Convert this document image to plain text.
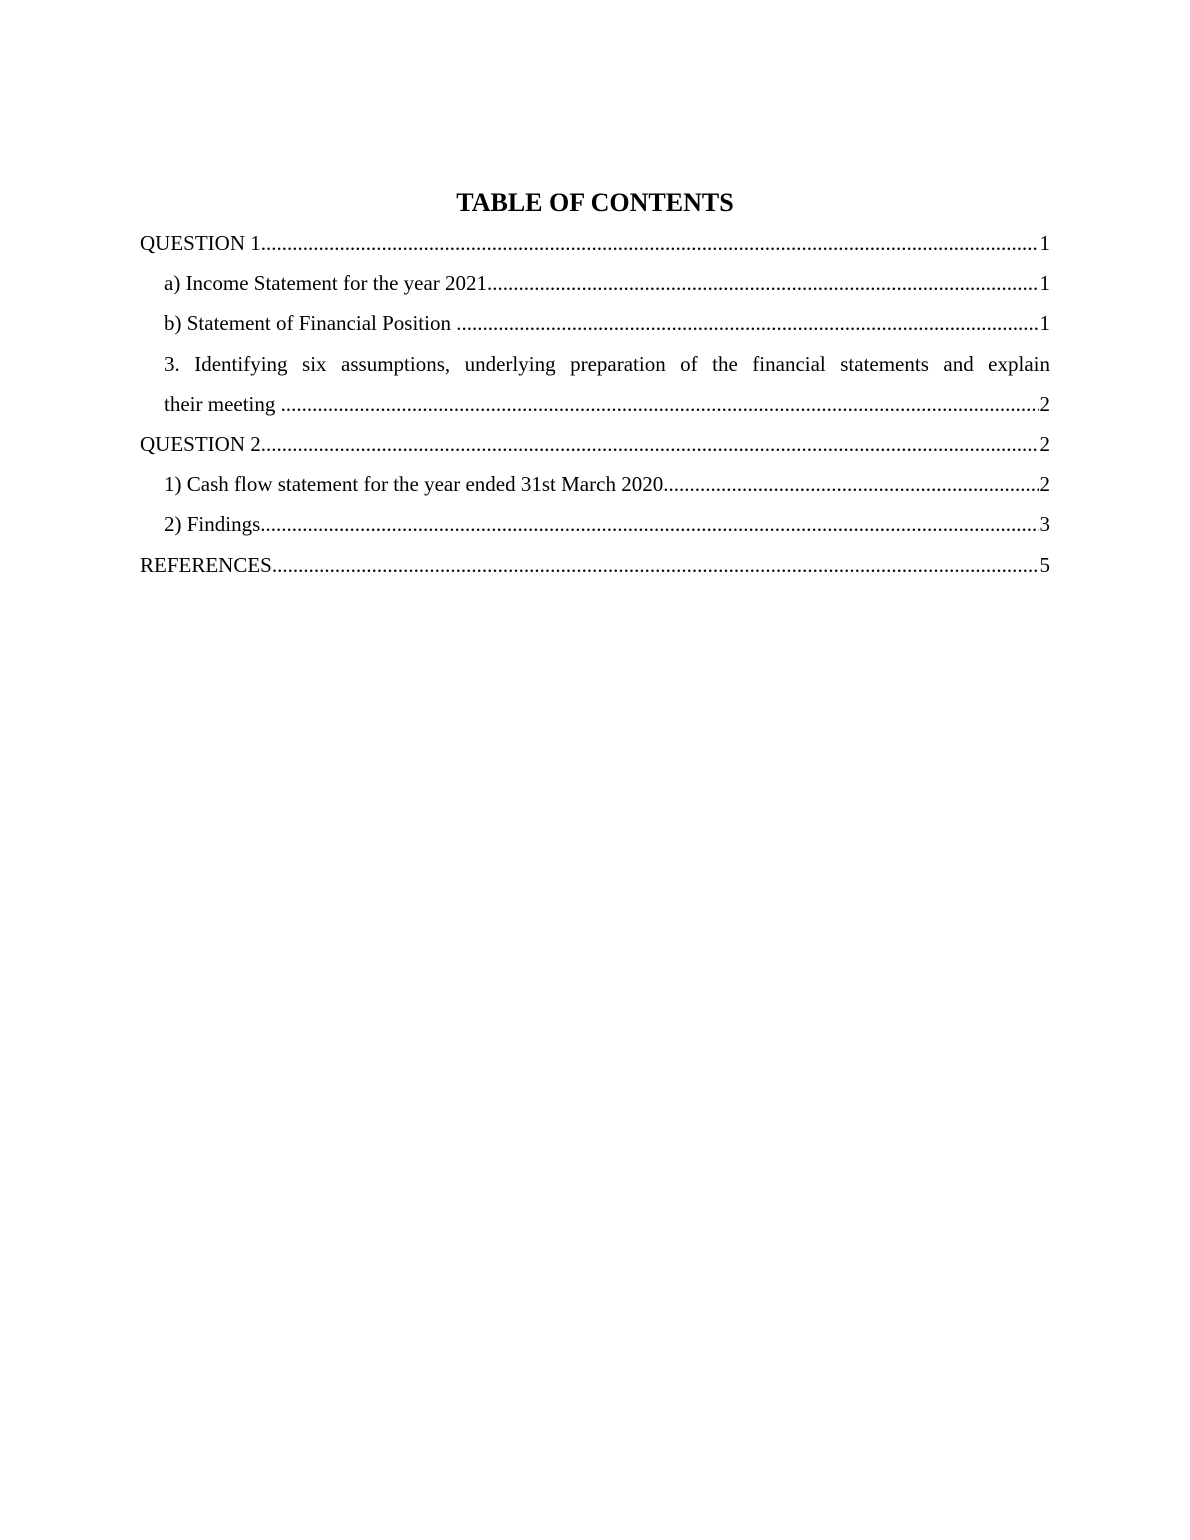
TABLE OF CONTENTS
QUESTION 1 .....	1
a) Income Statement for the year 2021 .....	1
b) Statement of Financial Position .....	1
3. Identifying six assumptions, underlying preparation of the financial statements and explain
their meeting .....	2
QUESTION 2 .....	2
1) Cash flow statement for the year ended 31st March 2020 .....	2
2) Findings .....	3
REFERENCES .....	5
